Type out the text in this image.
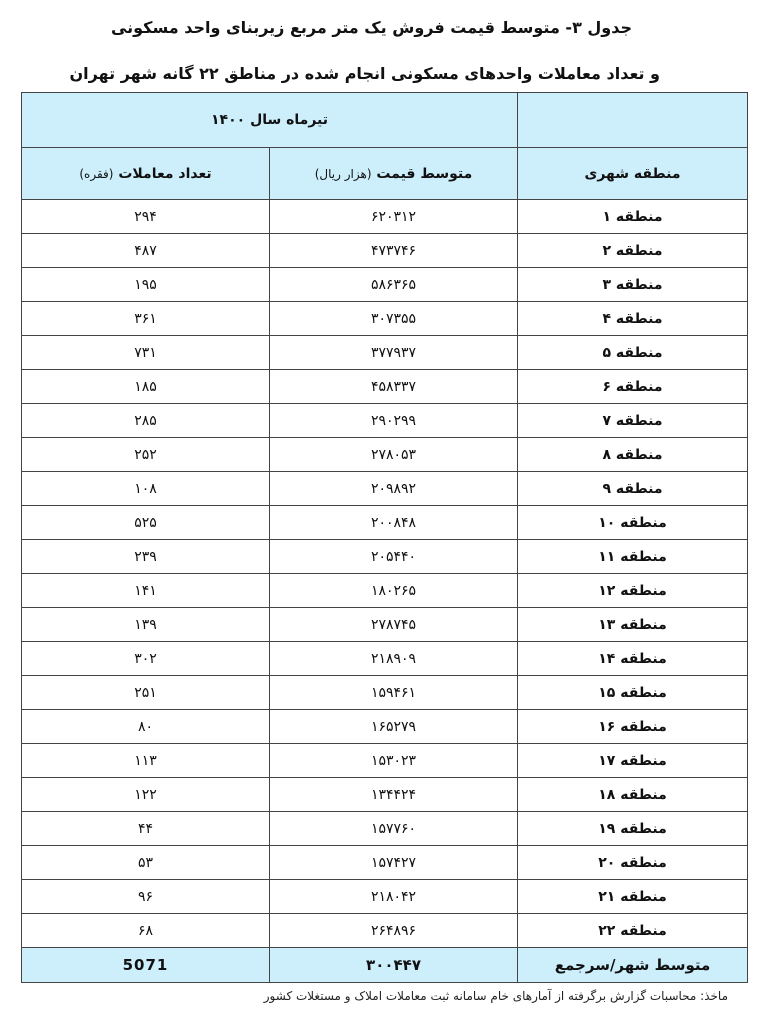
جدول ۳- متوسط قیمت فروش یک متر مربع زیربنای واحد مسکونی
و تعداد معاملات واحدهای مسکونی انجام شده در مناطق ۲۲ گانه شهر تهران
	تیرماه سال ۱۴۰۰	
منطقه شهری	متوسط قیمت (هزار ریال)	تعداد معاملات (فقره)
منطقه ۱	۶۲۰۳۱۲	۲۹۴
منطقه ۲	۴۷۳۷۴۶	۴۸۷
منطقه ۳	۵۸۶۳۶۵	۱۹۵
منطقه ۴	۳۰۷۳۵۵	۳۶۱
منطقه ۵	۳۷۷۹۳۷	۷۳۱
منطقه ۶	۴۵۸۳۳۷	۱۸۵
منطقه ۷	۲۹۰۲۹۹	۲۸۵
منطقه ۸	۲۷۸۰۵۳	۲۵۲
منطقه ۹	۲۰۹۸۹۲	۱۰۸
منطقه ۱۰	۲۰۰۸۴۸	۵۲۵
منطقه ۱۱	۲۰۵۴۴۰	۲۳۹
منطقه ۱۲	۱۸۰۲۶۵	۱۴۱
منطقه ۱۳	۲۷۸۷۴۵	۱۳۹
منطقه ۱۴	۲۱۸۹۰۹	۳۰۲
منطقه ۱۵	۱۵۹۴۶۱	۲۵۱
منطقه ۱۶	۱۶۵۲۷۹	۸۰
منطقه ۱۷	۱۵۳۰۲۳	۱۱۳
منطقه ۱۸	۱۳۴۴۲۴	۱۲۲
منطقه ۱۹	۱۵۷۷۶۰	۴۴
منطقه ۲۰	۱۵۷۴۲۷	۵۳
منطقه ۲۱	۲۱۸۰۴۲	۹۶
منطقه ۲۲	۲۶۴۸۹۶	۶۸
متوسط شهر/سرجمع	۳۰۰۴۴۷	5071
ماخذ: محاسبات گزارش برگرفته از آمارهای خام سامانه ثبت معاملات املاک و مستغلات کشور
